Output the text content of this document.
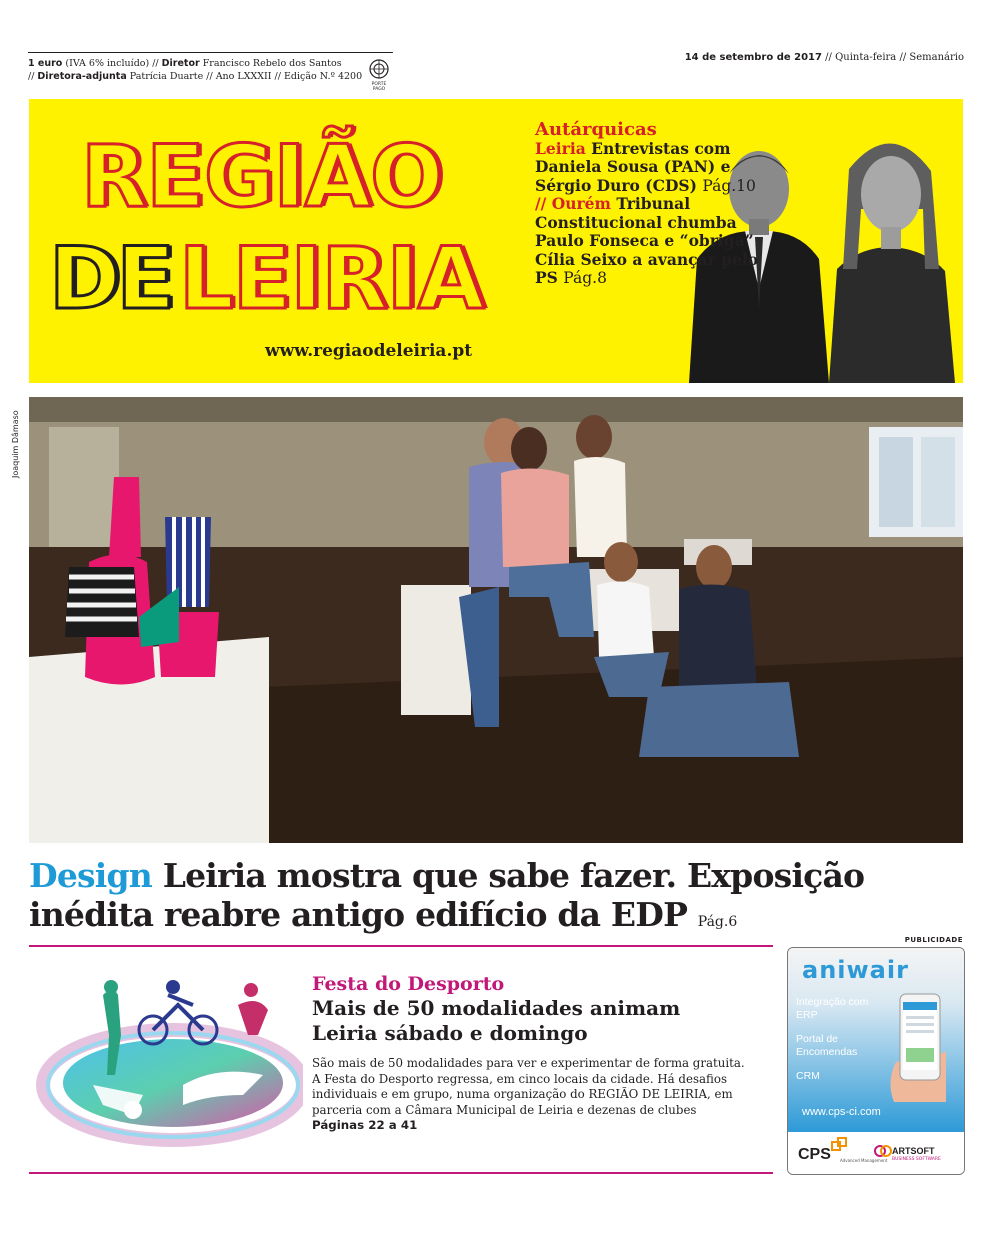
1 euro (IVA 6% incluído) // Diretor Francisco Rebelo dos Santos
// Diretora-adjunta Patrícia Duarte // Ano LXXXII // Edição N.º 4200
PORTE
PAGO
14 de setembro de 2017 // Quinta-feira // Semanário
REGIÃO
DE LEIRIA
www.regiaodeleiria.pt
Autárquicas
Leiria Entrevistas com Daniela Sousa (PAN) e Sérgio Duro (CDS) Pág.10 // Ourém Tribunal Constitucional chumba Paulo Fonseca e “obriga” Cília Seixo a avançar pelo PS Pág.8
Joaquim Dâmaso
Design Leiria mostra que sabe fazer. Exposição inédita reabre antigo edifício da EDP Pág.6
PUBLICIDADE
Festa do Desporto
Mais de 50 modalidades animam Leiria sábado e domingo
São mais de 50 modalidades para ver e experimentar de forma gratuita. A Festa do Desporto regressa, em cinco locais da cidade. Há desafios individuais e em grupo, numa organização do REGIÃO DE LEIRIA, em parceria com a Câmara Municipal de Leiria e dezenas de clubes Páginas 22 a 41
aniwair
Integração com ERP
Portal de Encomendas
CRM
www.cps-ci.com
CPS Advanced Management
ARTSOFT
BUSINESS SOFTWARE
